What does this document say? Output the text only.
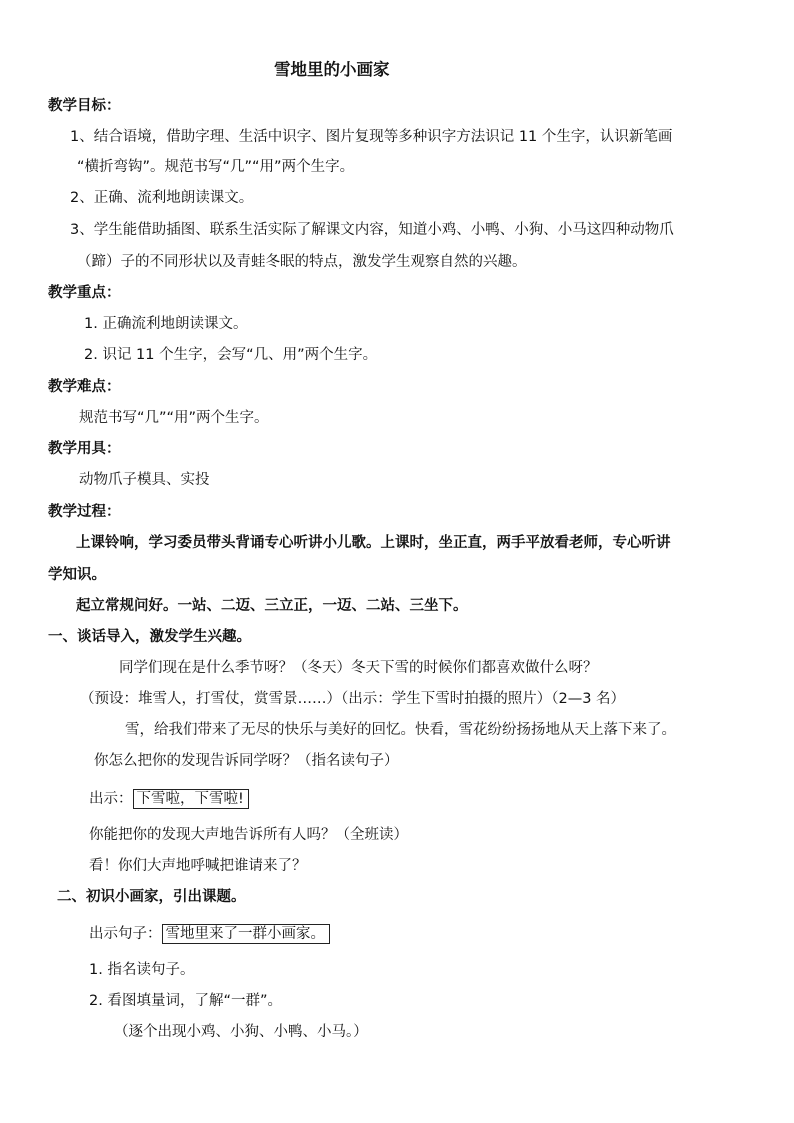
雪地里的小画家
教学目标：
1、结合语境，借助字理、生活中识字、图片复现等多种识字方法识记 11 个生字，认识新笔画
“横折弯钩”。规范书写“几”“用”两个生字。
2、正确、流利地朗读课文。
3、学生能借助插图、联系生活实际了解课文内容，知道小鸡、小鸭、小狗、小马这四种动物爪
（蹄）子的不同形状以及青蛙冬眠的特点，激发学生观察自然的兴趣。
教学重点：
1. 正确流利地朗读课文。
2. 识记 11 个生字，会写“几、用”两个生字。
教学难点：
规范书写“几”“用”两个生字。
教学用具：
动物爪子模具、实投
教学过程：
上课铃响，学习委员带头背诵专心听讲小儿歌。上课时，坐正直，两手平放看老师，专心听讲
学知识。
起立常规问好。一站、二迈、三立正，一迈、二站、三坐下。
一、谈话导入，激发学生兴趣。
同学们现在是什么季节呀？（冬天）冬天下雪的时候你们都喜欢做什么呀？
（预设：堆雪人，打雪仗，赏雪景……）（出示：学生下雪时拍摄的照片）（2—3 名）
雪，给我们带来了无尽的快乐与美好的回忆。快看，雪花纷纷扬扬地从天上落下来了。
你怎么把你的发现告诉同学呀？（指名读句子）
出示： 下雪啦，下雪啦!
你能把你的发现大声地告诉所有人吗？（全班读）
看！你们大声地呼喊把谁请来了？
二、初识小画家，引出课题。
出示句子： 雪地里来了一群小画家。
1. 指名读句子。
2. 看图填量词，了解“一群”。
（逐个出现小鸡、小狗、小鸭、小马。）
